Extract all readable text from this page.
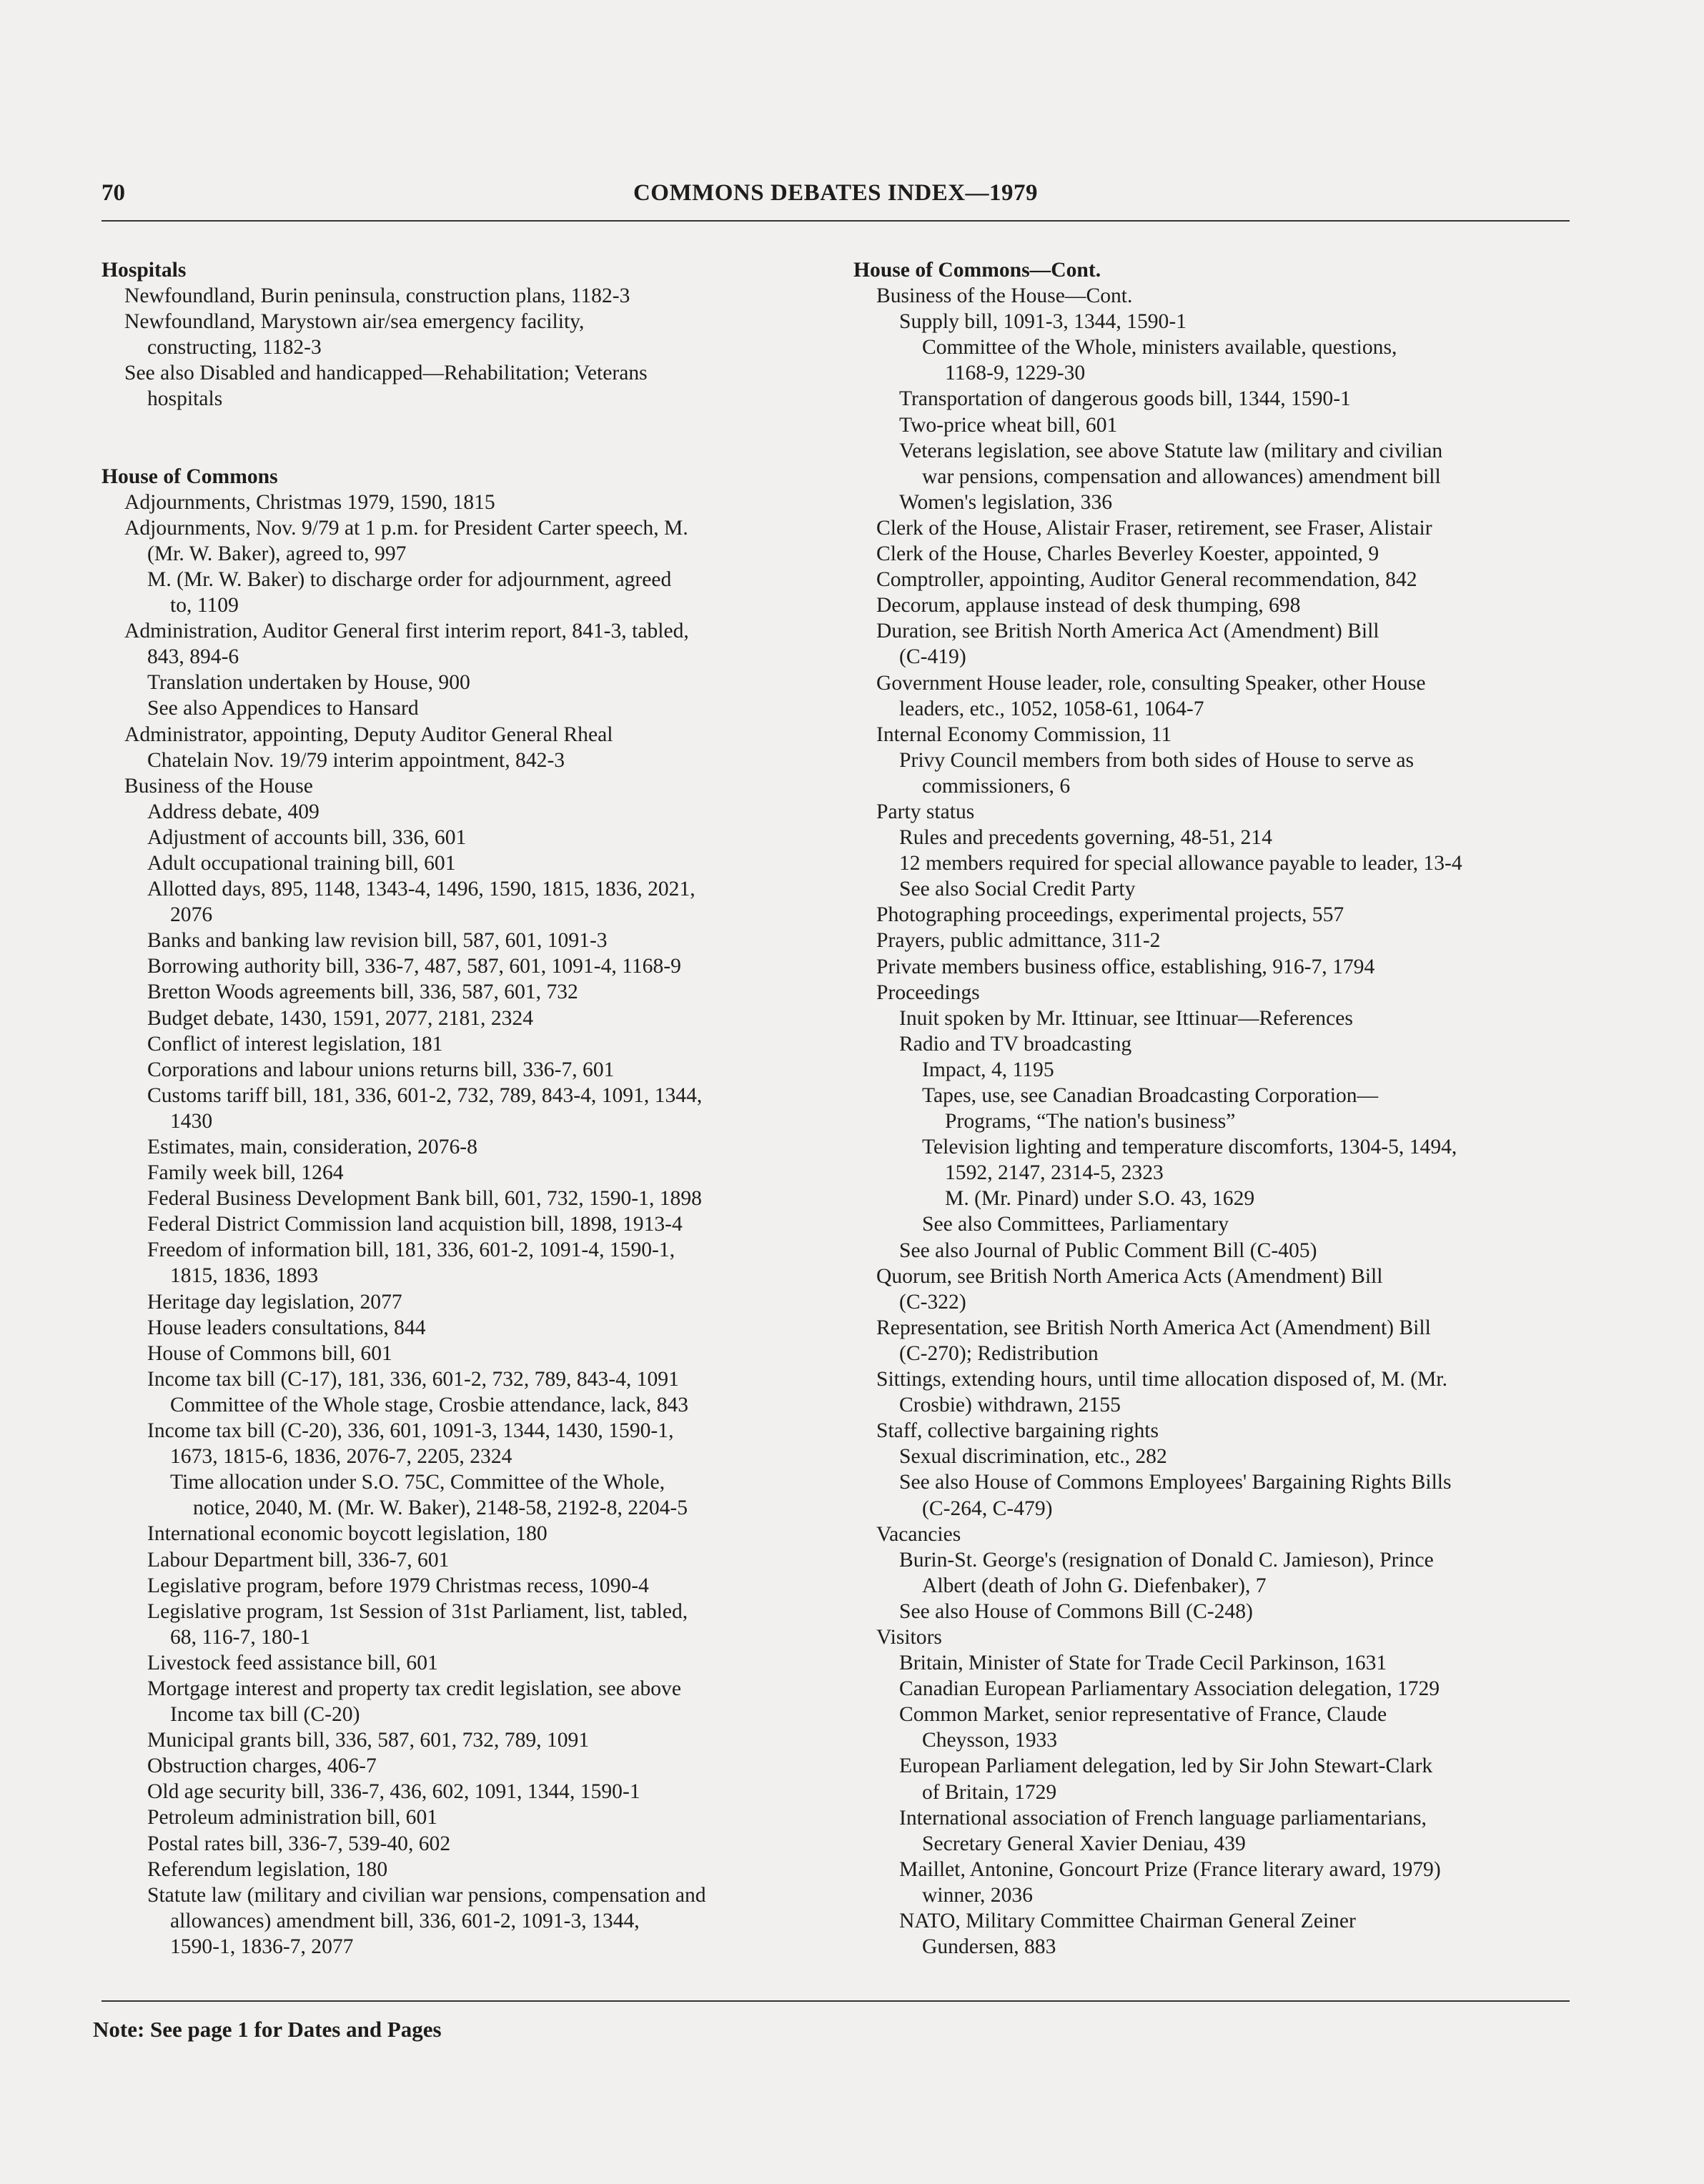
70	COMMONS DEBATES INDEX—1979
Hospitals
Newfoundland, Burin peninsula, construction plans, 1182-3
Newfoundland, Marystown air/sea emergency facility,
constructing, 1182-3
See also Disabled and handicapped—Rehabilitation; Veterans
hospitals
House of Commons
Adjournments, Christmas 1979, 1590, 1815
Adjournments, Nov. 9/79 at 1 p.m. for President Carter speech, M.
(Mr. W. Baker), agreed to, 997
M. (Mr. W. Baker) to discharge order for adjournment, agreed
to, 1109
Administration, Auditor General first interim report, 841-3, tabled,
843, 894-6
Translation undertaken by House, 900
See also Appendices to Hansard
Administrator, appointing, Deputy Auditor General Rheal
Chatelain Nov. 19/79 interim appointment, 842-3
Business of the House
Address debate, 409
Adjustment of accounts bill, 336, 601
Adult occupational training bill, 601
Allotted days, 895, 1148, 1343-4, 1496, 1590, 1815, 1836, 2021,
2076
Banks and banking law revision bill, 587, 601, 1091-3
Borrowing authority bill, 336-7, 487, 587, 601, 1091-4, 1168-9
Bretton Woods agreements bill, 336, 587, 601, 732
Budget debate, 1430, 1591, 2077, 2181, 2324
Conflict of interest legislation, 181
Corporations and labour unions returns bill, 336-7, 601
Customs tariff bill, 181, 336, 601-2, 732, 789, 843-4, 1091, 1344,
1430
Estimates, main, consideration, 2076-8
Family week bill, 1264
Federal Business Development Bank bill, 601, 732, 1590-1, 1898
Federal District Commission land acquistion bill, 1898, 1913-4
Freedom of information bill, 181, 336, 601-2, 1091-4, 1590-1,
1815, 1836, 1893
Heritage day legislation, 2077
House leaders consultations, 844
House of Commons bill, 601
Income tax bill (C-17), 181, 336, 601-2, 732, 789, 843-4, 1091
Committee of the Whole stage, Crosbie attendance, lack, 843
Income tax bill (C-20), 336, 601, 1091-3, 1344, 1430, 1590-1,
1673, 1815-6, 1836, 2076-7, 2205, 2324
Time allocation under S.O. 75C, Committee of the Whole,
notice, 2040, M. (Mr. W. Baker), 2148-58, 2192-8, 2204-5
International economic boycott legislation, 180
Labour Department bill, 336-7, 601
Legislative program, before 1979 Christmas recess, 1090-4
Legislative program, 1st Session of 31st Parliament, list, tabled,
68, 116-7, 180-1
Livestock feed assistance bill, 601
Mortgage interest and property tax credit legislation, see above
Income tax bill (C-20)
Municipal grants bill, 336, 587, 601, 732, 789, 1091
Obstruction charges, 406-7
Old age security bill, 336-7, 436, 602, 1091, 1344, 1590-1
Petroleum administration bill, 601
Postal rates bill, 336-7, 539-40, 602
Referendum legislation, 180
Statute law (military and civilian war pensions, compensation and
allowances) amendment bill, 336, 601-2, 1091-3, 1344,
1590-1, 1836-7, 2077
House of Commons—Cont.
Business of the House—Cont.
Supply bill, 1091-3, 1344, 1590-1
Committee of the Whole, ministers available, questions,
1168-9, 1229-30
Transportation of dangerous goods bill, 1344, 1590-1
Two-price wheat bill, 601
Veterans legislation, see above Statute law (military and civilian
war pensions, compensation and allowances) amendment bill
Women's legislation, 336
Clerk of the House, Alistair Fraser, retirement, see Fraser, Alistair
Clerk of the House, Charles Beverley Koester, appointed, 9
Comptroller, appointing, Auditor General recommendation, 842
Decorum, applause instead of desk thumping, 698
Duration, see British North America Act (Amendment) Bill
(C-419)
Government House leader, role, consulting Speaker, other House
leaders, etc., 1052, 1058-61, 1064-7
Internal Economy Commission, 11
Privy Council members from both sides of House to serve as
commissioners, 6
Party status
Rules and precedents governing, 48-51, 214
12 members required for special allowance payable to leader, 13-4
See also Social Credit Party
Photographing proceedings, experimental projects, 557
Prayers, public admittance, 311-2
Private members business office, establishing, 916-7, 1794
Proceedings
Inuit spoken by Mr. Ittinuar, see Ittinuar—References
Radio and TV broadcasting
Impact, 4, 1195
Tapes, use, see Canadian Broadcasting Corporation—
Programs, “The nation's business”
Television lighting and temperature discomforts, 1304-5, 1494,
1592, 2147, 2314-5, 2323
M. (Mr. Pinard) under S.O. 43, 1629
See also Committees, Parliamentary
See also Journal of Public Comment Bill (C-405)
Quorum, see British North America Acts (Amendment) Bill
(C-322)
Representation, see British North America Act (Amendment) Bill
(C-270); Redistribution
Sittings, extending hours, until time allocation disposed of, M. (Mr.
Crosbie) withdrawn, 2155
Staff, collective bargaining rights
Sexual discrimination, etc., 282
See also House of Commons Employees' Bargaining Rights Bills
(C-264, C-479)
Vacancies
Burin-St. George's (resignation of Donald C. Jamieson), Prince
Albert (death of John G. Diefenbaker), 7
See also House of Commons Bill (C-248)
Visitors
Britain, Minister of State for Trade Cecil Parkinson, 1631
Canadian European Parliamentary Association delegation, 1729
Common Market, senior representative of France, Claude
Cheysson, 1933
European Parliament delegation, led by Sir John Stewart-Clark
of Britain, 1729
International association of French language parliamentarians,
Secretary General Xavier Deniau, 439
Maillet, Antonine, Goncourt Prize (France literary award, 1979)
winner, 2036
NATO, Military Committee Chairman General Zeiner
Gundersen, 883
Note: See page 1 for Dates and Pages
